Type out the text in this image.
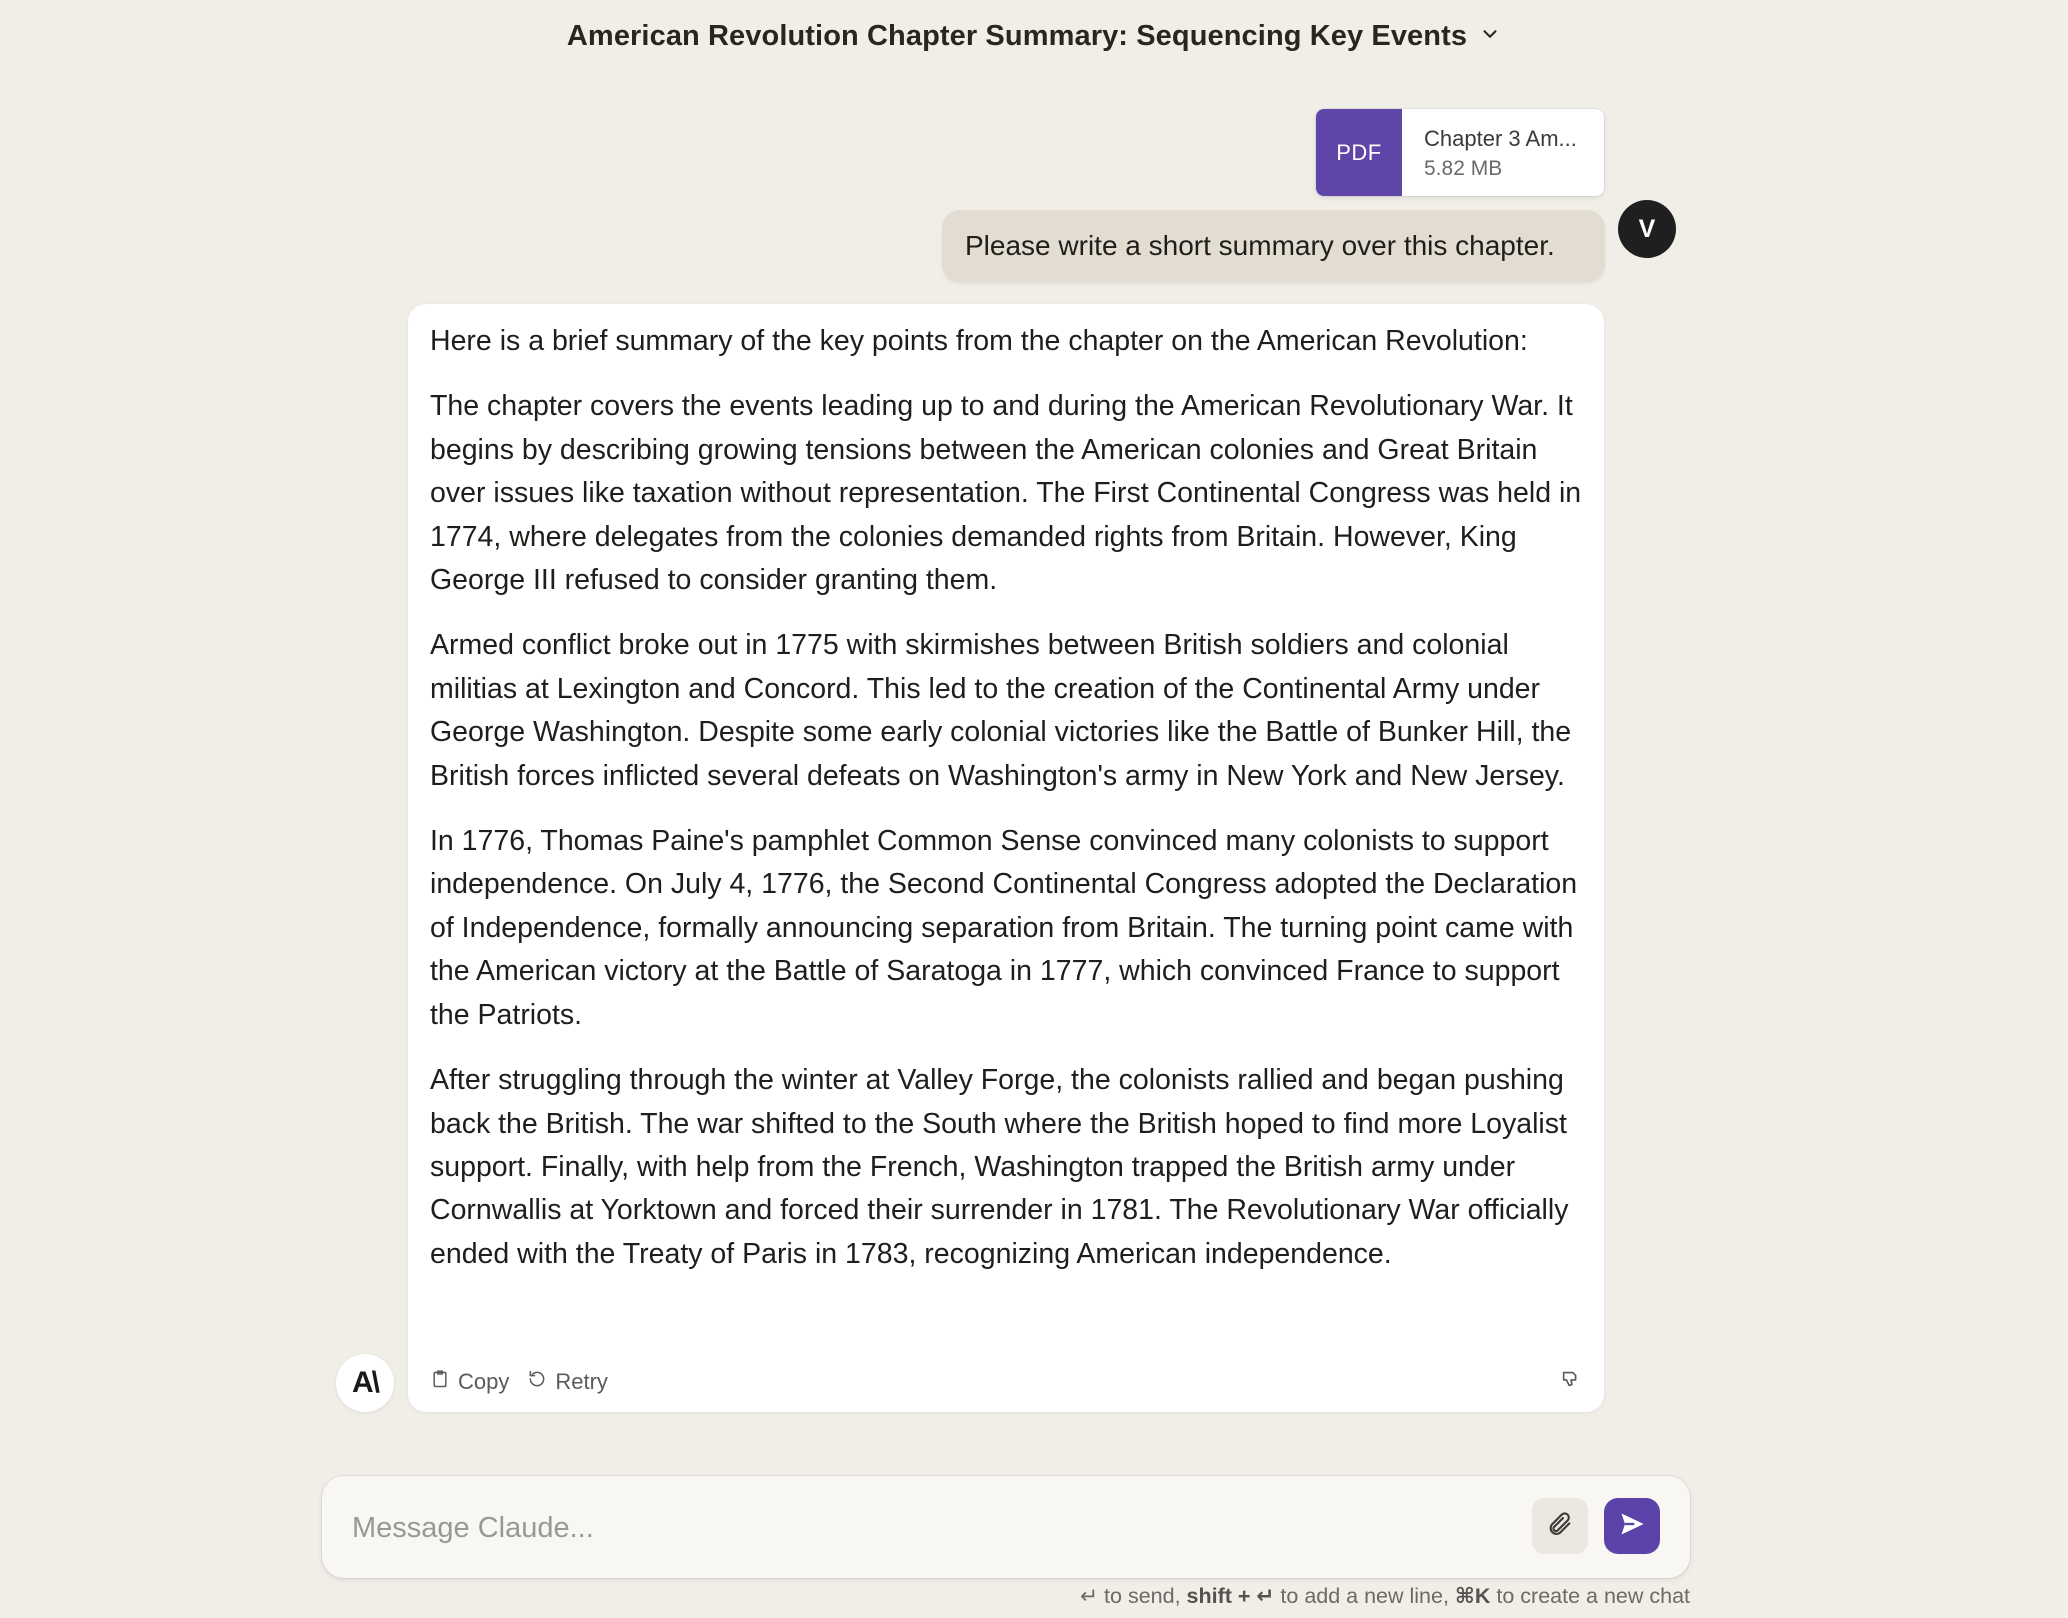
American Revolution Chapter Summary: Sequencing Key Events
PDF
Chapter 3 Am...
5.82 MB
Please write a short summary over this chapter.
V

Here is a brief summary of the key points from the chapter on the American Revolution:

The chapter covers the events leading up to and during the American Revolutionary War. It begins by describing growing tensions between the American colonies and Great Britain over issues like taxation without representation. The First Continental Congress was held in 1774, where delegates from the colonies demanded rights from Britain. However, King George III refused to consider granting them.

Armed conflict broke out in 1775 with skirmishes between British soldiers and colonial militias at Lexington and Concord. This led to the creation of the Continental Army under George Washington. Despite some early colonial victories like the Battle of Bunker Hill, the British forces inflicted several defeats on Washington's army in New York and New Jersey.

In 1776, Thomas Paine's pamphlet Common Sense convinced many colonists to support independence. On July 4, 1776, the Second Continental Congress adopted the Declaration of Independence, formally announcing separation from Britain. The turning point came with the American victory at the Battle of Saratoga in 1777, which convinced France to support the Patriots.

After struggling through the winter at Valley Forge, the colonists rallied and began pushing back the British. The war shifted to the South where the British hoped to find more Loyalist support. Finally, with help from the French, Washington trapped the British army under Cornwallis at Yorktown and forced their surrender in 1781. The Revolutionary War officially ended with the Treaty of Paris in 1783, recognizing American independence.

Copy Retry
A\
Message Claude...
↵ to send, shift + ↵ to add a new line, ⌘K to create a new chat
